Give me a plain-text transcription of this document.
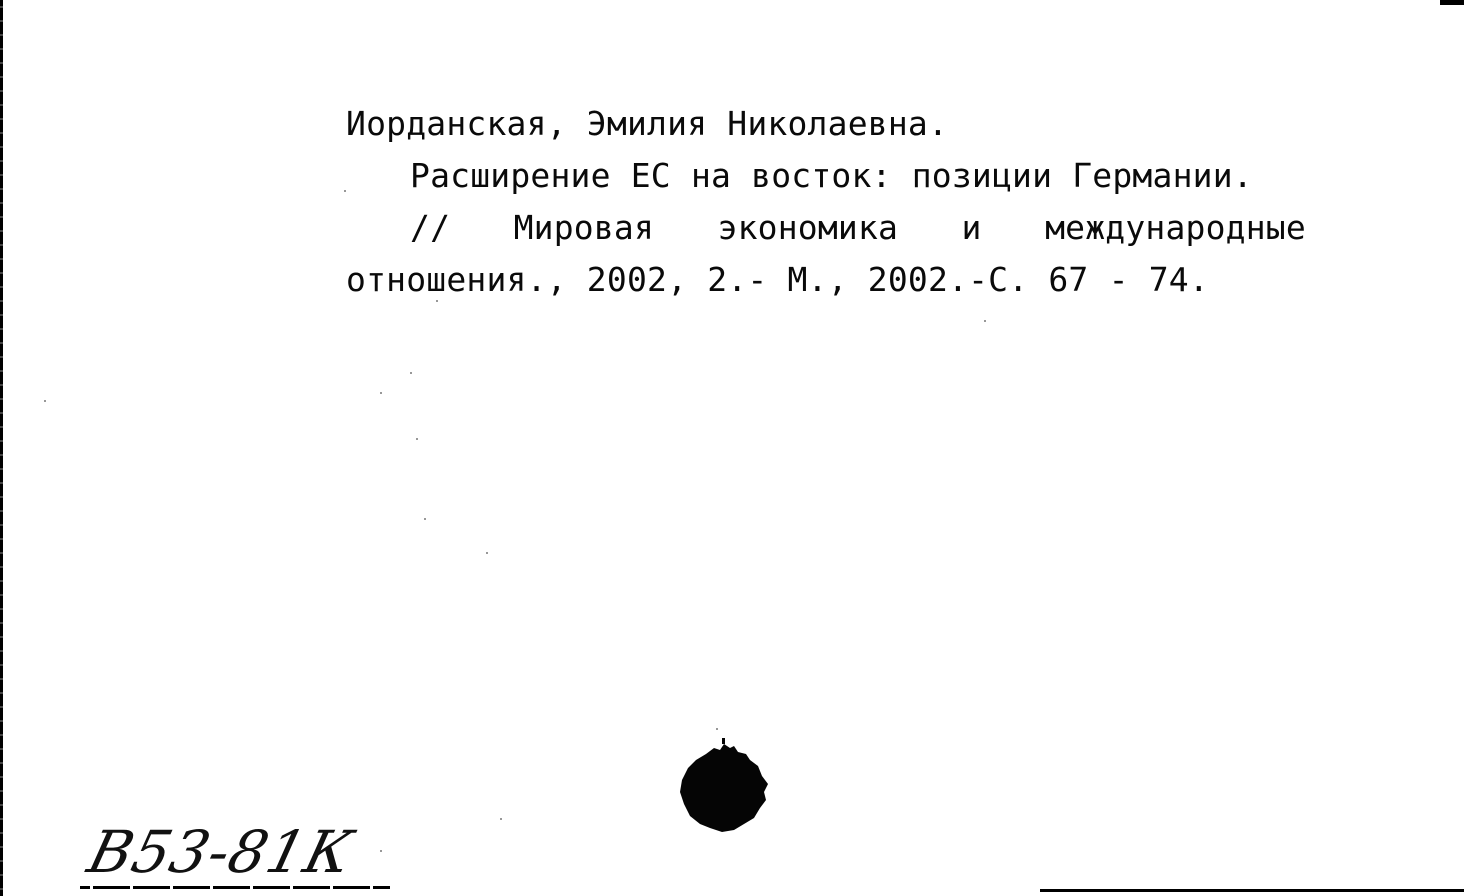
Иорданская, Эмилия Николаевна.
Расширение ЕС на восток: позиции Германии.
// Мировая экономика и международные
отношения., 2002, 2.- М., 2002.-С. 67 - 74.
В53-81К
